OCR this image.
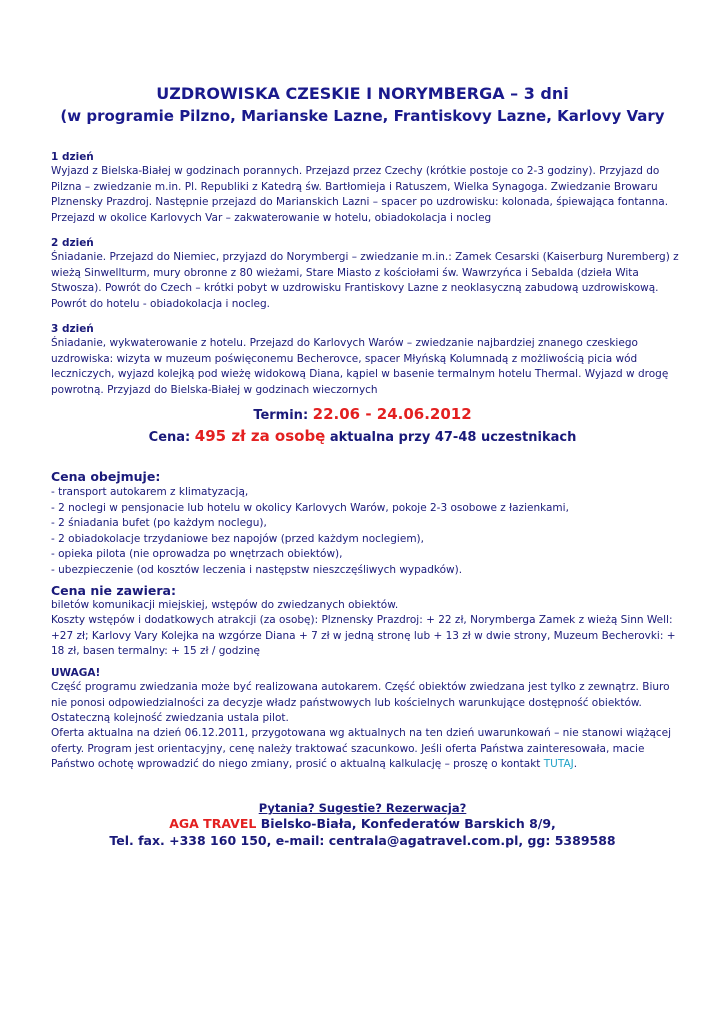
UZDROWISKA CZESKIE I NORYMBERGA – 3 dni
(w programie Pilzno, Marianske Lazne, Frantiskovy Lazne, Karlovy Vary
1 dzień
Wyjazd z Bielska-Białej w godzinach porannych. Przejazd przez Czechy (krótkie postoje co 2-3 godziny). Przyjazd do Pilzna – zwiedzanie m.in. Pl. Republiki z Katedrą św. Bartłomieja i Ratuszem, Wielka Synagoga. Zwiedzanie Browaru Plznensky Prazdroj. Następnie przejazd do Marianskich Lazni – spacer po uzdrowisku: kolonada, śpiewająca fontanna. Przejazd w okolice Karlovych Var – zakwaterowanie w hotelu, obiadokolacja i nocleg
2 dzień
Śniadanie. Przejazd do Niemiec, przyjazd do Norymbergi – zwiedzanie m.in.: Zamek Cesarski (Kaiserburg Nuremberg) z wieżą Sinwellturm, mury obronne z 80 wieżami, Stare Miasto z kościołami św. Wawrzyńca i Sebalda (dzieła Wita Stwosza). Powrót do Czech – krótki pobyt w uzdrowisku Frantiskovy Lazne z neoklasyczną zabudową uzdrowiskową. Powrót do hotelu - obiadokolacja i nocleg.
3 dzień
Śniadanie, wykwaterowanie z hotelu. Przejazd do Karlovych Warów – zwiedzanie najbardziej znanego czeskiego uzdrowiska: wizyta w muzeum poświęconemu Becherovce, spacer Młyńską Kolumnadą z możliwością picia wód leczniczych, wyjazd kolejką pod wieżę widokową Diana, kąpiel w basenie termalnym hotelu Thermal. Wyjazd w drogę powrotną. Przyjazd do Bielska-Białej w godzinach wieczornych
Termin: 22.06 - 24.06.2012
Cena: 495 zł za osobę aktualna przy 47-48 uczestnikach
Cena obejmuje:
- transport autokarem z klimatyzacją,
- 2 noclegi w pensjonacie lub hotelu w okolicy Karlovych Warów, pokoje 2-3 osobowe z łazienkami,
- 2 śniadania bufet (po każdym noclegu),
- 2 obiadokolacje trzydaniowe bez napojów (przed każdym noclegiem),
- opieka pilota (nie oprowadza po wnętrzach obiektów),
- ubezpieczenie (od kosztów leczenia i następstw nieszczęśliwych wypadków).
Cena nie zawiera:
biletów komunikacji miejskiej, wstępów do zwiedzanych obiektów.
Koszty wstępów i dodatkowych atrakcji (za osobę): Plznensky Prazdroj: + 22 zł, Norymberga Zamek z wieżą Sinn Well: +27 zł; Karlovy Vary Kolejka na wzgórze Diana + 7 zł w jedną stronę lub + 13 zł w dwie strony, Muzeum Becherovki: + 18 zł, basen termalny: + 15 zł / godzinę
UWAGA!
Część programu zwiedzania może być realizowana autokarem. Część obiektów zwiedzana jest tylko z zewnątrz. Biuro nie ponosi odpowiedzialności za decyzje władz państwowych lub kościelnych warunkujące dostępność obiektów. Ostateczną kolejność zwiedzania ustala pilot.
Oferta aktualna na dzień 06.12.2011, przygotowana wg aktualnych na ten dzień uwarunkowań – nie stanowi wiążącej oferty. Program jest orientacyjny, cenę należy traktować szacunkowo. Jeśli oferta Państwa zainteresowała, macie Państwo ochotę wprowadzić do niego zmiany, prosić o aktualną kalkulację – proszę o kontakt TUTAJ.
Pytania? Sugestie? Rezerwacja?
AGA TRAVEL Bielsko-Biała, Konfederatów Barskich 8/9,
Tel. fax. +338 160 150, e-mail: centrala@agatravel.com.pl, gg: 5389588
